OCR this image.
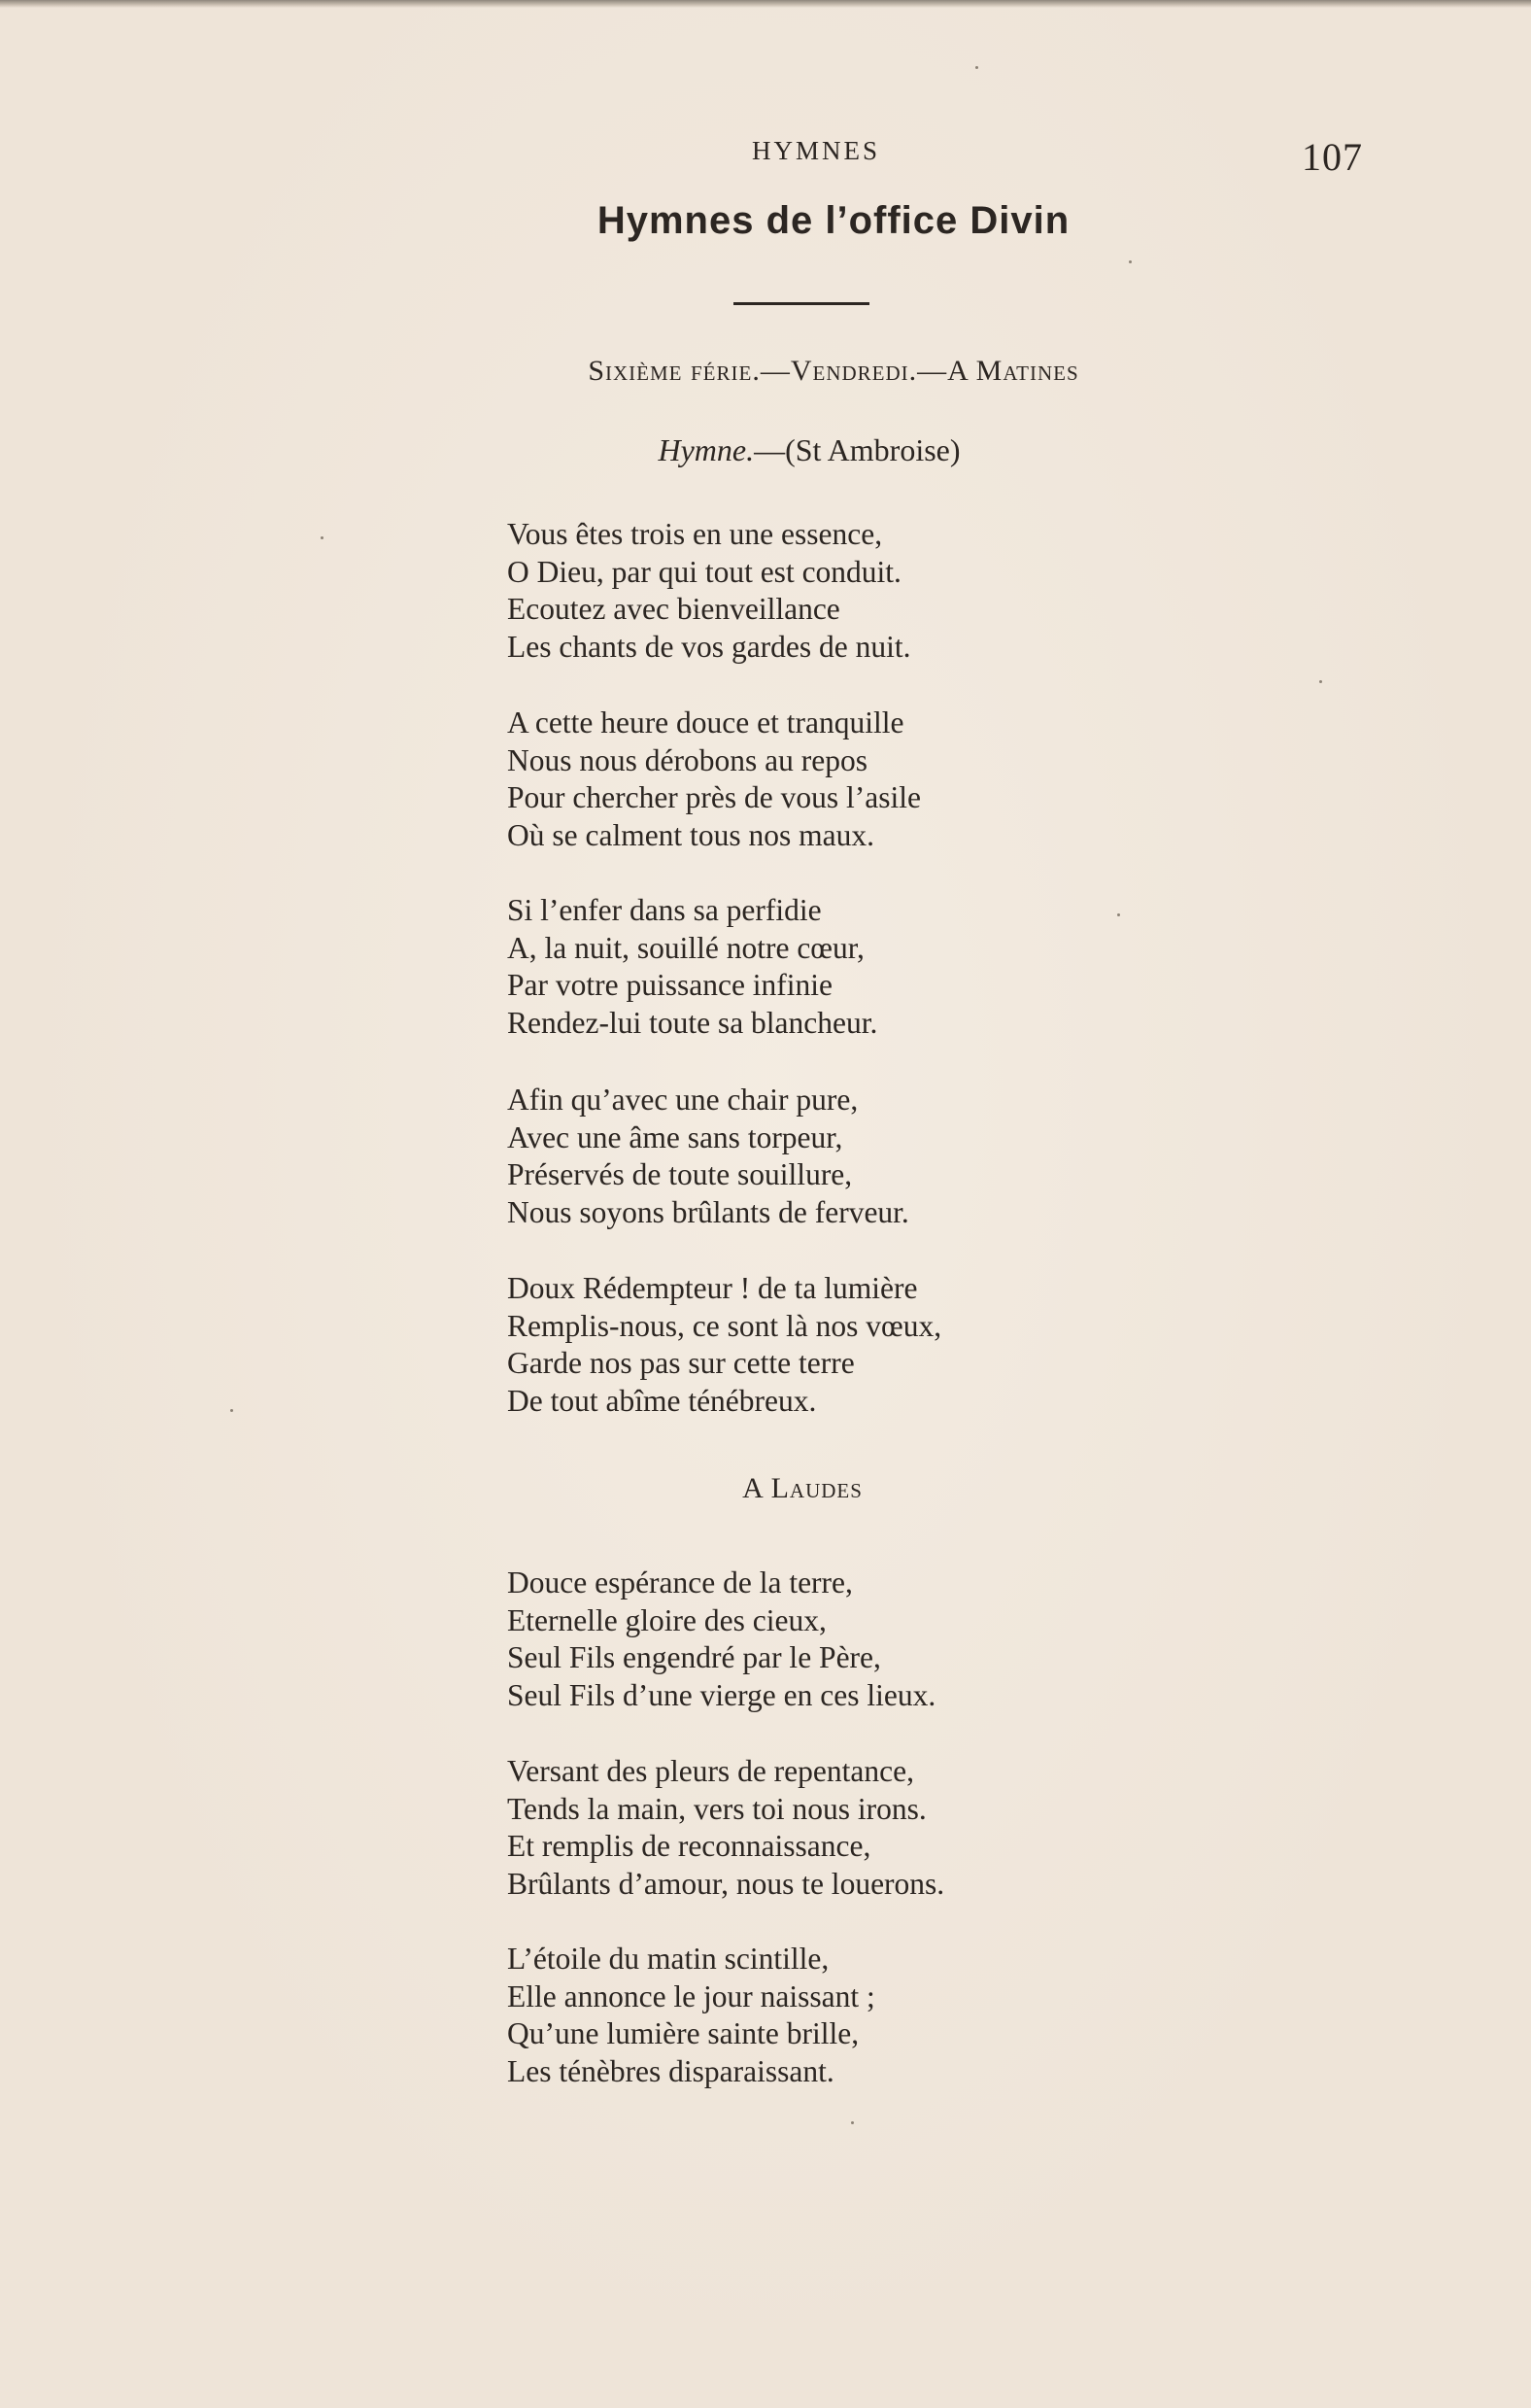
HYMNES	107
Hymnes de l’office Divin
Sixième férie.—Vendredi.—A Matines
Hymne.—(St Ambroise)
Vous êtes trois en une essence,
O Dieu, par qui tout est conduit.
Ecoutez avec bienveillance
Les chants de vos gardes de nuit.
A cette heure douce et tranquille
Nous nous dérobons au repos
Pour chercher près de vous l’asile
Où se calment tous nos maux.
Si l’enfer dans sa perfidie
A, la nuit, souillé notre cœur,
Par votre puissance infinie
Rendez-lui toute sa blancheur.
Afin qu’avec une chair pure,
Avec une âme sans torpeur,
Préservés de toute souillure,
Nous soyons brûlants de ferveur.
Doux Rédempteur ! de ta lumière
Remplis-nous, ce sont là nos vœux,
Garde nos pas sur cette terre
De tout abîme ténébreux.
A Laudes
Douce espérance de la terre,
Eternelle gloire des cieux,
Seul Fils engendré par le Père,
Seul Fils d’une vierge en ces lieux.
Versant des pleurs de repentance,
Tends la main, vers toi nous irons.
Et remplis de reconnaissance,
Brûlants d’amour, nous te louerons.
L’étoile du matin scintille,
Elle annonce le jour naissant ;
Qu’une lumière sainte brille,
Les ténèbres disparaissant.
